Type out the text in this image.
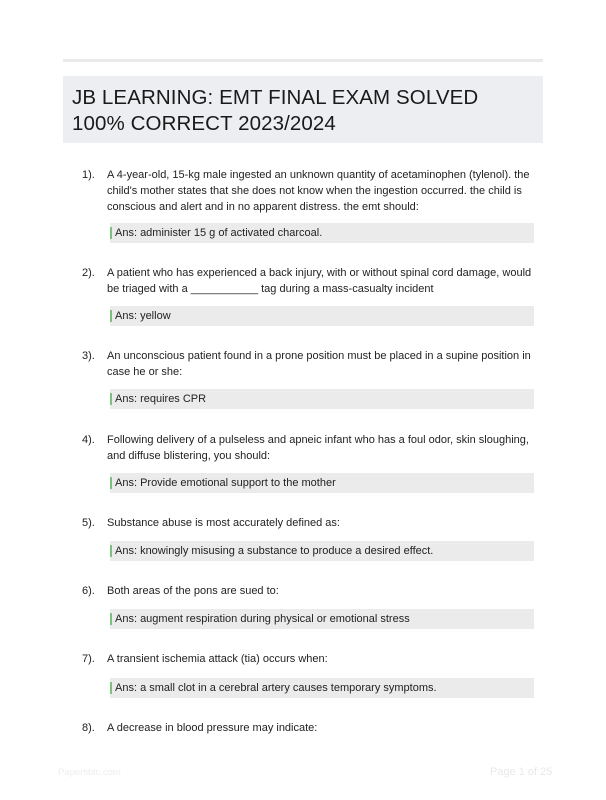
JB LEARNING: EMT FINAL EXAM SOLVED 100% CORRECT 2023/2024
1). A 4-year-old, 15-kg male ingested an unknown quantity of acetaminophen (tylenol). the child's mother states that she does not know when the ingestion occurred. the child is conscious and alert and in no apparent distress. the emt should:
Ans: administer 15 g of activated charcoal.
2). A patient who has experienced a back injury, with or without spinal cord damage, would be triaged with a ___________ tag during a mass-casualty incident
Ans: yellow
3). An unconscious patient found in a prone position must be placed in a supine position in case he or she:
Ans: requires CPR
4). Following delivery of a pulseless and apneic infant who has a foul odor, skin sloughing, and diffuse blistering, you should:
Ans: Provide emotional support to the mother
5). Substance abuse is most accurately defined as:
Ans: knowingly misusing a substance to produce a desired effect.
6). Both areas of the pons are sued to:
Ans: augment respiration during physical or emotional stress
7). A transient ischemia attack (tia) occurs when:
Ans: a small clot in a cerebral artery causes temporary symptoms.
8). A decrease in blood pressure may indicate:
Papertiblc.com	Page 1 of 25
